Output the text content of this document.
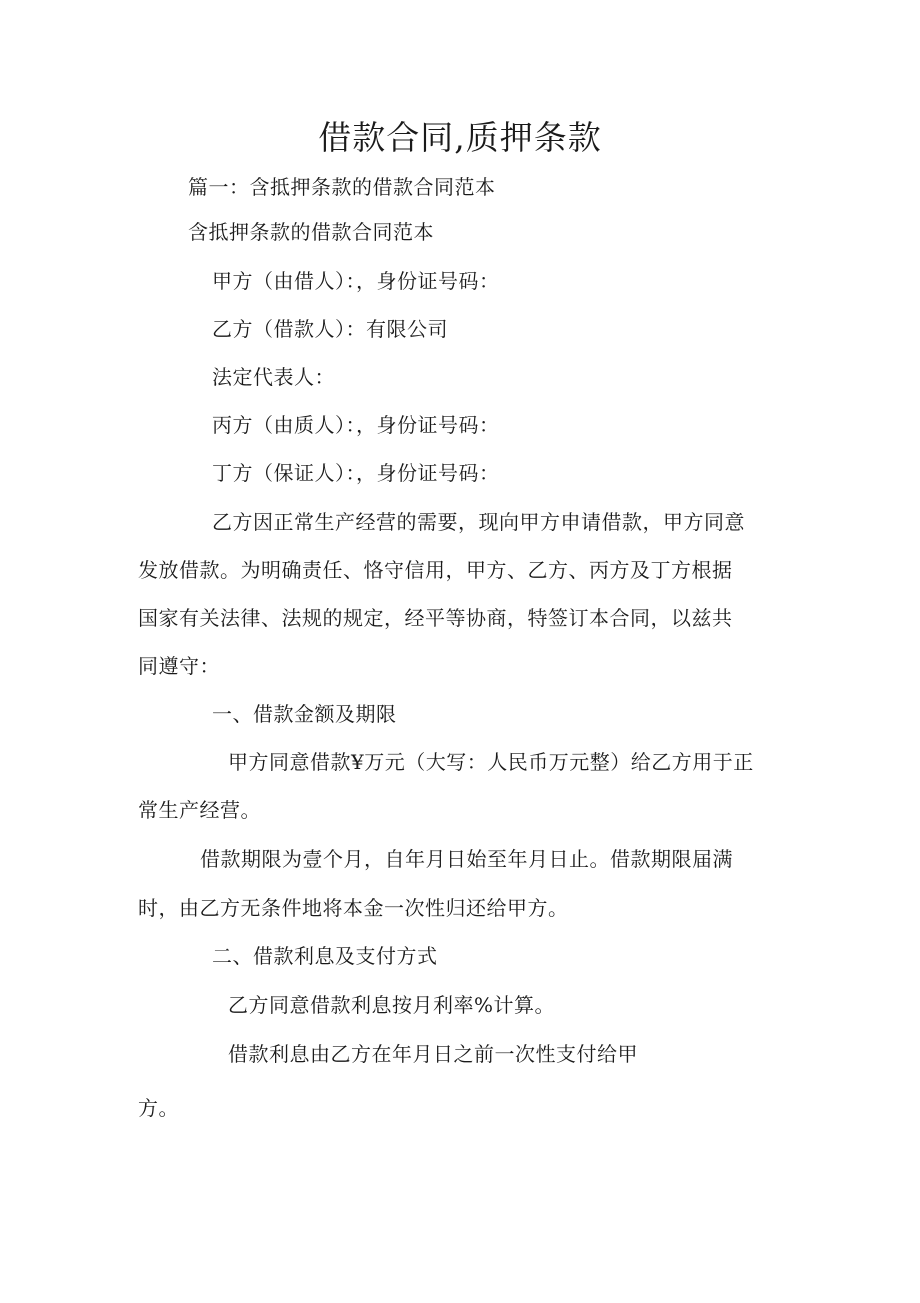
借款合同,质押条款
篇一：含抵押条款的借款合同范本
含抵押条款的借款合同范本
甲方（由借人）：，身份证号码：
乙方（借款人）：有限公司
法定代表人：
丙方（由质人）：，身份证号码：
丁方（保证人）：，身份证号码：
乙方因正常生产经营的需要，现向甲方申请借款，甲方同意
发放借款。为明确责任、恪守信用，甲方、乙方、丙方及丁方根据
国家有关法律、法规的规定，经平等协商，特签订本合同，以兹共
同遵守：
一、借款金额及期限
甲方同意借款¥万元（大写：人民币万元整）给乙方用于正
常生产经营。
借款期限为壹个月，自年月日始至年月日止。借款期限届满
时，由乙方无条件地将本金一次性归还给甲方。
二、借款利息及支付方式
乙方同意借款利息按月利率%计算。
借款利息由乙方在年月日之前一次性支付给甲
方。
